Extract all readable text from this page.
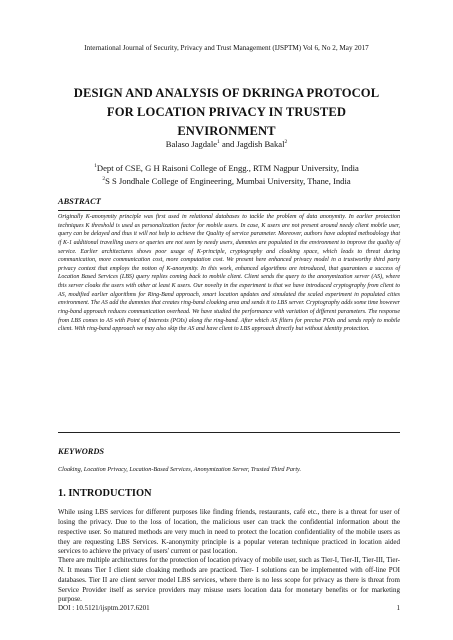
International Journal of Security, Privacy and Trust Management (IJSPTM) Vol 6, No 2, May 2017
DESIGN AND ANALYSIS OF DKRINGA PROTOCOL
FOR LOCATION PRIVACY IN TRUSTED
ENVIRONMENT
Balaso Jagdale$^1$ and Jagdish Bakal$^2$
$^1$Dept of CSE, G H Raisoni College of Engg., RTM Nagpur University, India
$^2$S S Jondhale College of Engineering, Mumbai University, Thane, India
ABSTRACT

Originally K-anonymity principle was first used in relational databases to tackle the problem of data anonymity. In earlier protection techniques K threshold is used as personalization factor for mobile users. In case, K users are not present around needy client mobile user, query can be delayed and thus it will not help to achieve the Quality of service parameter. Moreover, authors have adopted methodology that if K-1 additional travelling users or queries are not seen by needy users, dummies are populated in the environment to improve the quality of service. Earlier architectures shows poor usage of K-principle, cryptography and cloaking space, which leads to threat during communication, more communication cost, more computation cost. We present here enhanced privacy model in a trustworthy third party privacy context that employs the notion of K-anonymity. In this work, enhanced algorithms are introduced, that guarantees a success of Location Based Services (LBS) query replies coming back to mobile client. Client sends the query to the anonymization server (AS), where this server cloaks the users with other at least K users. Our novelty in the experiment is that we have introduced cryptography from client to AS, modified earlier algorithms for Ring-Band approach, smart location updates and simulated the scaled experiment in populated cities environment. The AS add the dummies that creates ring-band cloaking area and sends it to LBS server. Cryptography adds some time however ring-band approach reduces communication overhead. We have studied the performance with variation of different parameters. The response from LBS comes to AS with Point of Interests (POIs) along the ring-band. After which AS filters for precise POIs and sends reply to mobile client. With ring-band approach we may also skip the AS and have client to LBS approach directly but without identity protection.

KEYWORDS

Cloaking, Location Privacy, Location-Based Services, Anonymization Server, Trusted Third Party.

1. INTRODUCTION

While using LBS services for different purposes like finding friends, restaurants, café etc., there is a threat for user of losing the privacy. Due to the loss of location, the malicious user can track the confidential information about the respective user. So matured methods are very much in need to protect the location confidentiality of the mobile users as they are requesting LBS Services. K-anonymity principle is a popular veteran technique practiced in location aided services to achieve the privacy of users' current or past location.

There are multiple architectures for the protection of location privacy of mobile user, such as Tier-I, Tier-II, Tier-III, Tier-N. It means Tier I client side cloaking methods are practiced. Tier- I solutions can be implemented with off-line POI databases. Tier II are client server model LBS services, where there is no less scope for privacy as there is threat from Service Provider itself as service providers may misuse users location data for monetary benefits or for marketing purpose.

DOI : 10.5121/ijsptm.2017.6201	1
